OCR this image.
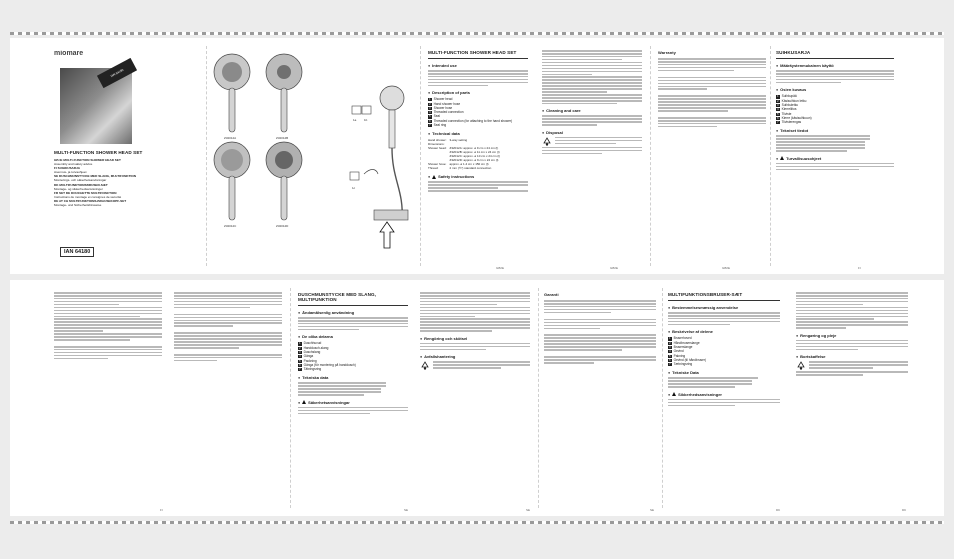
miomare
IAN 64180
MULTI-FUNCTION SHOWER HEAD SET
GB IE MULTI-FUNCTION SHOWER HEAD SET
Assembly and safety advice
FI SUIHKUSARJA
Asennus- ja turvaohjeet
SE DUSCHMUNSTYCKE MED SLANG, MULTIFUNKTION
Monterings- och säkerhetsanvisningar
DK MULTIFUNKTIONSBRUSER-SÆT
Montage- og sikkerhedsanvisninger
FR SET DE DOUCHETTE MULTIFONCTION
Instructions de montage et consignes de sécurité
DE AT CH MULTIFUNKTIONS-BRAUSEKOPF-SET
Montage- und Sicherheitshinweise
IAN 64180
Z32012A	Z32012B
Z32012C	Z32012D
1a	1b
1c
MULTI-FUNCTION SHOWER HEAD SET
● Intended use
● Description of parts
1 Shower head
2 Hand shower hose
3 Shower hose
4 Threaded connection
5 Seal
6 Threaded connection (for attaching to the hand shower)
7 Seal ring
● Technical data
Hand shower:	3-way setting
Dimensions:	
Shower head:	Z32012A: approx. ø 9 cm x 24 cm (l)
	Z32012B: approx. ø 11 cm x 24 cm (l)
	Z32012C: approx. ø 10 cm x 24 cm (l)
	Z32012D: approx. ø 9 cm x 24 cm (l)
Shower hose:	approx. ø 1.4 cm x 150 cm (l)
Thread:	2 mm (½") standard connection
● Safety instructions
● Cleaning and care
● Disposal
Warranty	SUIHKUSARJA
● Määräystenmukainen käyttö
● Osien kuvaus
1 Suihkupää
2 Käsisuihkun letku
3 Suihkuletku
4 Kierreliitos
5 Tiiviste
6 Kierre (käsisuihkuun)
7 Tiivisterengas
● Tekniset tiedot
● Turvallisuusohjeet
GB/IE	GB/IE	GB/IE	FI
DUSCHMUNSTYCKE MED SLANG, MULTIFUNKTION
● Ändamålsenlig användning
● De olika delarna
1 Duschhuvud
2 Handdusch-slang
3 Duschslang
4 Gänga
5 Packning
6 Gänga (för montering på handdusch)
7 Tätningsring
● Tekniska data
● Säkerhetsanvisningar
● Rengöring och skötsel
● Avfallshantering
Garanti	MULTIFUNKTIONSBRUSER-SÆT
● Bestemmelsesmæssig anvendelse
● Beskrivelse af delene
1 Bruserhoved
2 Håndbruserslange
3 Bruserslange
4 Gevind
5 Pakning
6 Gevind (til håndbruser)
7 Tætningsring
● Tekniske Data
● Sikkerhedsanvisninger
● Rengøring og pleje
● Bortskaffelse
FI	SE	SE	SE	DK	DK
